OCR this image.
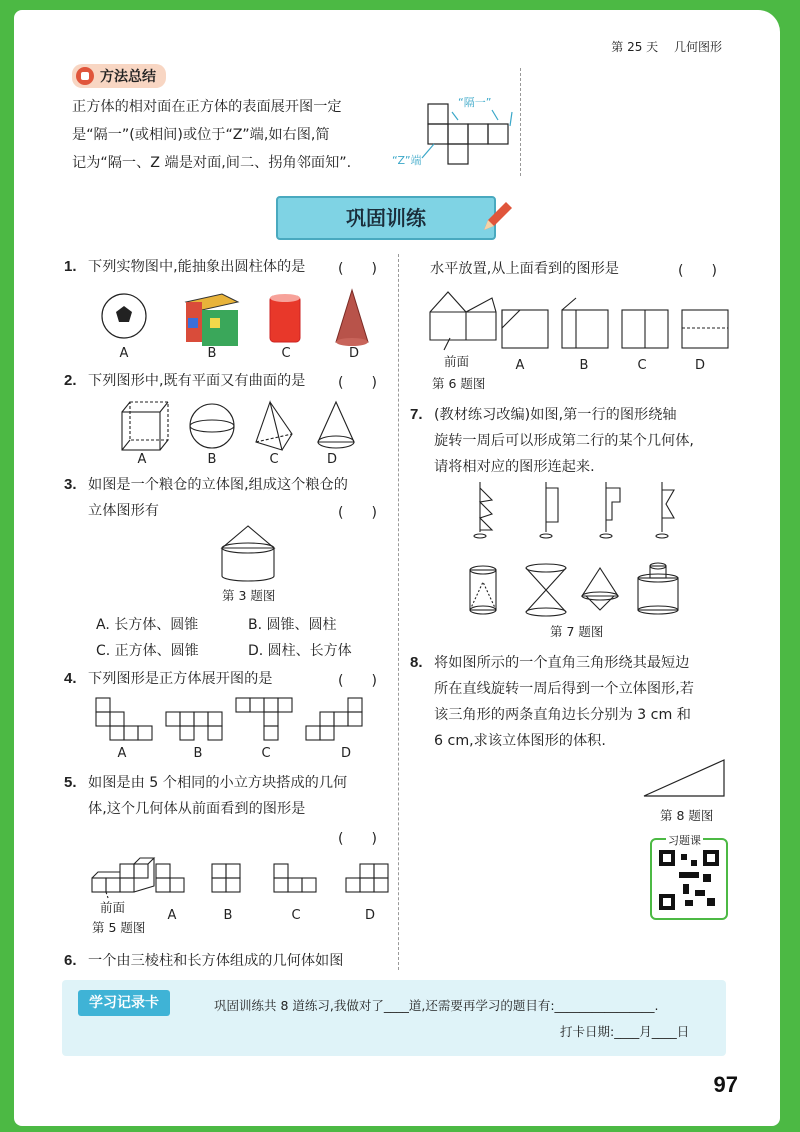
第 25 天 几何图形
方法总结
正方体的相对面在正方体的表面展开图一定
是“隔一”(或相间)或位于“Z”端,如右图,简
记为“隔一、Z 端是对面,间二、拐角邻面知”.
“隔一”
“Z”端
巩固训练
1. 下列实物图中,能抽象出圆柱体的是 (　　)
A	B	C	D
2. 下列图形中,既有平面又有曲面的是 (　　)
A	B	C	D
3. 如图是一个粮仓的立体图,组成这个粮仓的
立体图形有	(　　)
第 3 题图
A. 长方体、圆锥	B. 圆锥、圆柱
C. 正方体、圆锥	D. 圆柱、长方体
4. 下列图形是正方体展开图的是	(　　)
A	B	C	D
5. 如图是由 5 个相同的小立方块搭成的几何
体,这个几何体从前面看到的图形是
(　　)
前面
第 5 题图
A	B	C	D
6. 一个由三棱柱和长方体组成的几何体如图
水平放置,从上面看到的图形是	(　　)
前面
第 6 题图
A	B	C	D
7. (教材练习改编)如图,第一行的图形绕轴
旋转一周后可以形成第二行的某个几何体,
请将相对应的图形连起来.
第 7 题图
8. 将如图所示的一个直角三角形绕其最短边
所在直线旋转一周后得到一个立体图形,若
该三角形的两条直角边长分别为 3 cm 和
6 cm,求该立体图形的体积.
第 8 题图
习题课
学习记录卡	巩固训练共 8 道练习,我做对了____道,还需要再学习的题目有:________________.
打卡日期:____月____日
97
